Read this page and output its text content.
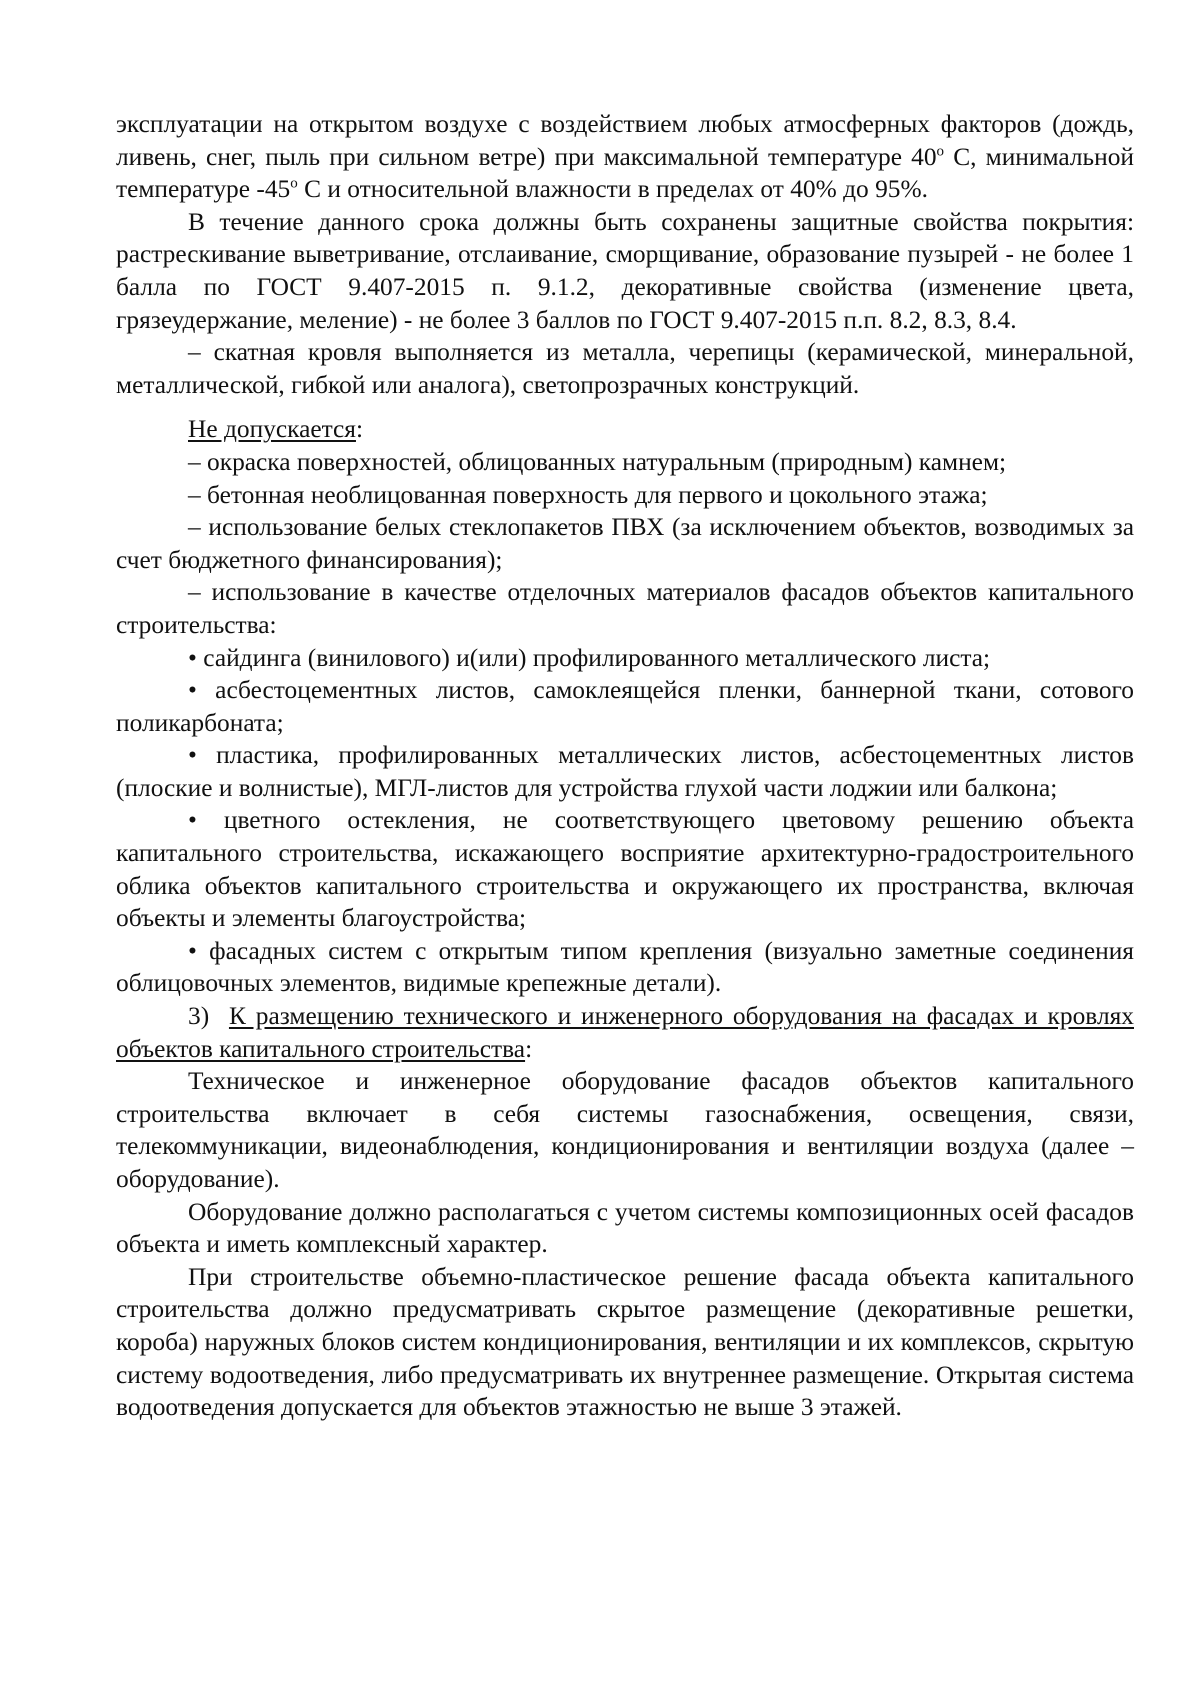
эксплуатации на открытом воздухе с воздействием любых атмосферных факторов (дождь, ливень, снег, пыль при сильном ветре) при максимальной температуре 40$^o$ С, минимальной температуре -45$^o$ С и относительной влажности в пределах от 40% до 95%.

В течение данного срока должны быть сохранены защитные свойства покрытия: растрескивание выветривание, отслаивание, сморщивание, образование пузырей - не более 1 балла по ГОСТ 9.407-2015 п. 9.1.2, декоративные свойства (изменение цвета, грязеудержание, меление) - не более 3 баллов по ГОСТ 9.407-2015 п.п. 8.2, 8.3, 8.4.

– скатная кровля выполняется из металла, черепицы (керамической, минеральной, металлической, гибкой или аналога), светопрозрачных конструкций.

Не допускается:

– окраска поверхностей, облицованных натуральным (природным) камнем;

– бетонная необлицованная поверхность для первого и цокольного этажа;

– использование белых стеклопакетов ПВХ (за исключением объектов, возводимых за счет бюджетного финансирования);

– использование в качестве отделочных материалов фасадов объектов капитального строительства:

• сайдинга (винилового) и(или) профилированного металлического листа;

• асбестоцементных листов, самоклеящейся пленки, баннерной ткани, сотового поликарбоната;

• пластика, профилированных металлических листов, асбестоцементных листов (плоские и волнистые), МГЛ-листов для устройства глухой части лоджии или балкона;

• цветного остекления, не соответствующего цветовому решению объекта капитального строительства, искажающего восприятие архитектурно-градостроительного облика объектов капитального строительства и окружающего их пространства, включая объекты и элементы благоустройства;

• фасадных систем с открытым типом крепления (визуально заметные соединения облицовочных элементов, видимые крепежные детали).

3) К размещению технического и инженерного оборудования на фасадах и кровлях объектов капитального строительства:

Техническое и инженерное оборудование фасадов объектов капитального строительства включает в себя системы газоснабжения, освещения, связи, телекоммуникации, видеонаблюдения, кондиционирования и вентиляции воздуха (далее – оборудование).

Оборудование должно располагаться с учетом системы композиционных осей фасадов объекта и иметь комплексный характер.

При строительстве объемно-пластическое решение фасада объекта капитального строительства должно предусматривать скрытое размещение (декоративные решетки, короба) наружных блоков систем кондиционирования, вентиляции и их комплексов, скрытую систему водоотведения, либо предусматривать их внутреннее размещение. Открытая система водоотведения допускается для объектов этажностью не выше 3 этажей.
